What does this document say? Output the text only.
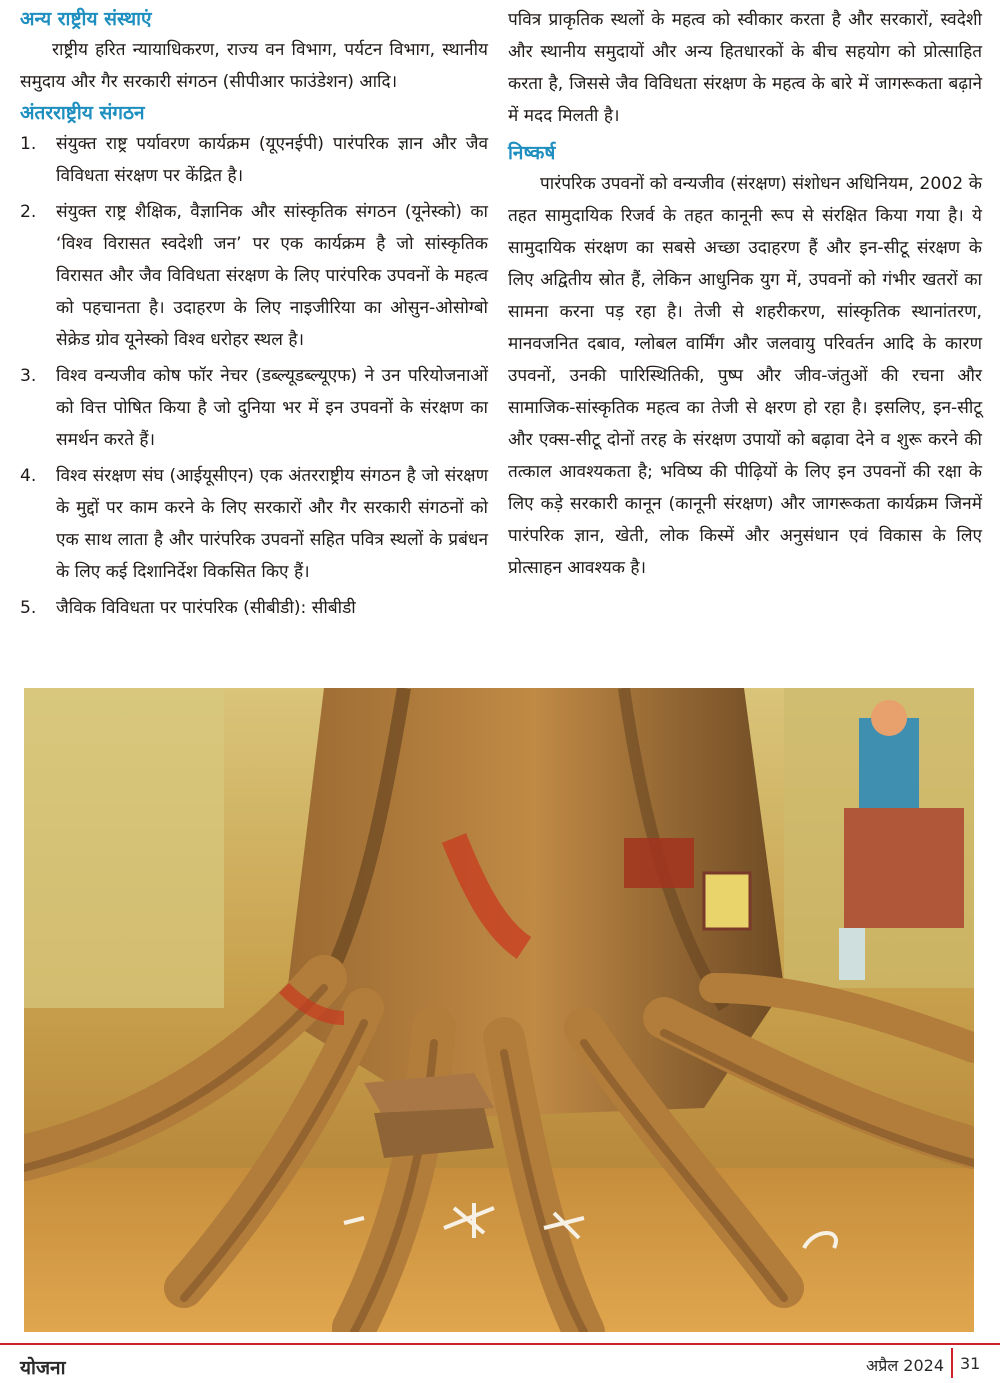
अन्य राष्ट्रीय संस्थाएं

राष्ट्रीय हरित न्यायाधिकरण, राज्य वन विभाग, पर्यटन विभाग, स्थानीय समुदाय और गैर सरकारी संगठन (सीपीआर फाउंडेशन) आदि।

अंतरराष्ट्रीय संगठन
1. संयुक्त राष्ट्र पर्यावरण कार्यक्रम (यूएनईपी) पारंपरिक ज्ञान और जैव विविधता संरक्षण पर केंद्रित है।
2. संयुक्त राष्ट्र शैक्षिक, वैज्ञानिक और सांस्कृतिक संगठन (यूनेस्को) का ‘विश्व विरासत स्वदेशी जन’ पर एक कार्यक्रम है जो सांस्कृतिक विरासत और जैव विविधता संरक्षण के लिए पारंपरिक उपवनों के महत्व को पहचानता है। उदाहरण के लिए नाइजीरिया का ओसुन-ओसोग्बो सेक्रेड ग्रोव यूनेस्को विश्व धरोहर स्थल है।
3. विश्व वन्यजीव कोष फॉर नेचर (डब्ल्यूडब्ल्यूएफ) ने उन परियोजनाओं को वित्त पोषित किया है जो दुनिया भर में इन उपवनों के संरक्षण का समर्थन करते हैं।
4. विश्व संरक्षण संघ (आईयूसीएन) एक अंतरराष्ट्रीय संगठन है जो संरक्षण के मुद्दों पर काम करने के लिए सरकारों और गैर सरकारी संगठनों को एक साथ लाता है और पारंपरिक उपवनों सहित पवित्र स्थलों के प्रबंधन के लिए कई दिशानिर्देश विकसित किए हैं।
5. जैविक विविधता पर पारंपरिक (सीबीडी): सीबीडी

पवित्र प्राकृतिक स्थलों के महत्व को स्वीकार करता है और सरकारों, स्वदेशी और स्थानीय समुदायों और अन्य हितधारकों के बीच सहयोग को प्रोत्साहित करता है, जिससे जैव विविधता संरक्षण के महत्व के बारे में जागरूकता बढ़ाने में मदद मिलती है।

निष्कर्ष

पारंपरिक उपवनों को वन्यजीव (संरक्षण) संशोधन अधिनियम, 2002 के तहत सामुदायिक रिजर्व के तहत कानूनी रूप से संरक्षित किया गया है। ये सामुदायिक संरक्षण का सबसे अच्छा उदाहरण हैं और इन-सीटू संरक्षण के लिए अद्वितीय स्रोत हैं, लेकिन आधुनिक युग में, उपवनों को गंभीर खतरों का सामना करना पड़ रहा है। तेजी से शहरीकरण, सांस्कृतिक स्थानांतरण, मानवजनित दबाव, ग्लोबल वार्मिंग और जलवायु परिवर्तन आदि के कारण उपवनों, उनकी पारिस्थितिकी, पुष्प और जीव-जंतुओं की रचना और सामाजिक-सांस्कृतिक महत्व का तेजी से क्षरण हो रहा है। इसलिए, इन-सीटू और एक्स-सीटू दोनों तरह के संरक्षण उपायों को बढ़ावा देने व शुरू करने की तत्काल आवश्यकता है; भविष्य की पीढ़ियों के लिए इन उपवनों की रक्षा के लिए कड़े सरकारी कानून (कानूनी संरक्षण) और जागरूकता कार्यक्रम जिनमें पारंपरिक ज्ञान, खेती, लोक किस्में और अनुसंधान एवं विकास के लिए प्रोत्साहन आवश्यक है।

योजना	अप्रैल 2024 31
